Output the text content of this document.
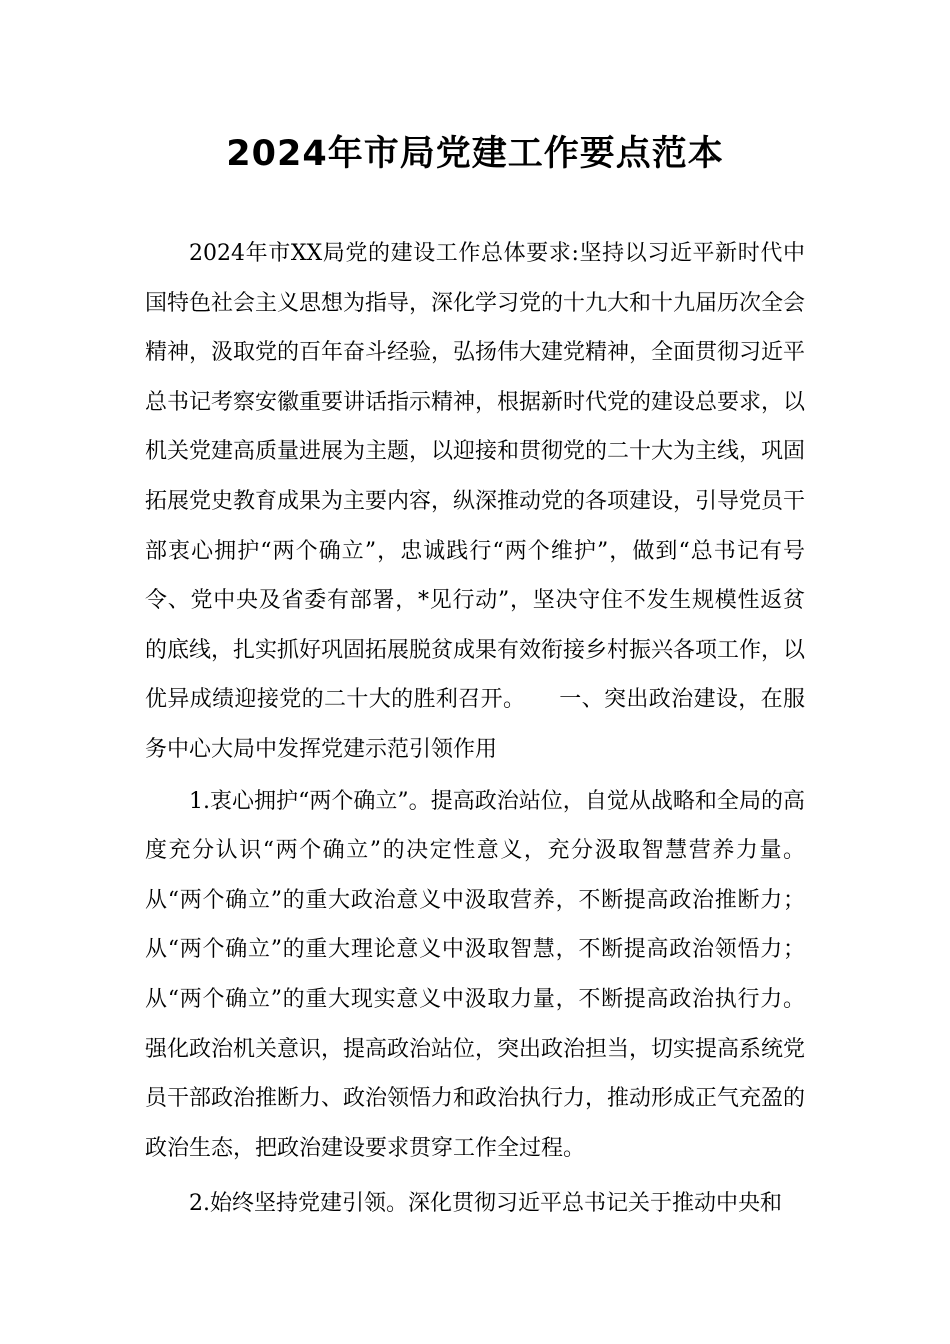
2024年市局党建工作要点范本

2024年市XX局党的建设工作总体要求:坚持以习近平新时代中国特色社会主义思想为指导，深化学习党的十九大和十九届历次全会精神，汲取党的百年奋斗经验，弘扬伟大建党精神，全面贯彻习近平总书记考察安徽重要讲话指示精神，根据新时代党的建设总要求，以机关党建高质量进展为主题，以迎接和贯彻党的二十大为主线，巩固拓展党史教育成果为主要内容，纵深推动党的各项建设，引导党员干部衷心拥护“两个确立”，忠诚践行“两个维护”，做到“总书记有号令、党中央及省委有部署，*见行动”，坚决守住不发生规模性返贫的底线，扎实抓好巩固拓展脱贫成果有效衔接乡村振兴各项工作，以优异成绩迎接党的二十大的胜利召开。　　一、突出政治建设，在服务中心大局中发挥党建示范引领作用

1.衷心拥护“两个确立”。提高政治站位，自觉从战略和全局的高度充分认识“两个确立”的决定性意义，充分汲取智慧营养力量。从“两个确立”的重大政治意义中汲取营养，不断提高政治推断力；从“两个确立”的重大理论意义中汲取智慧，不断提高政治领悟力；从“两个确立”的重大现实意义中汲取力量，不断提高政治执行力。强化政治机关意识，提高政治站位，突出政治担当，切实提高系统党员干部政治推断力、政治领悟力和政治执行力，推动形成正气充盈的政治生态，把政治建设要求贯穿工作全过程。

2.始终坚持党建引领。深化贯彻习近平总书记关于推动中央和
